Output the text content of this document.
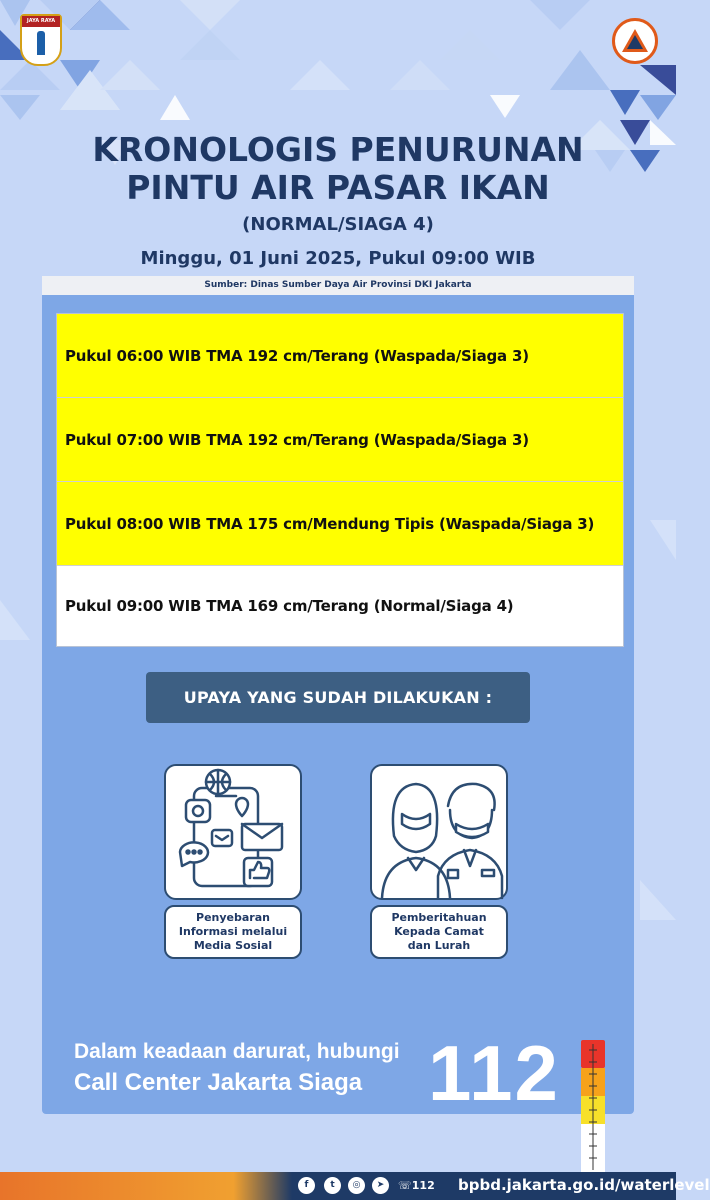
JAYA RAYA
KRONOLOGIS PENURUNAN
PINTU AIR PASAR IKAN
(NORMAL/SIAGA 4)
Minggu, 01 Juni 2025, Pukul 09:00 WIB
Sumber: Dinas Sumber Daya Air Provinsi DKI Jakarta
Pukul 06:00 WIB TMA 192 cm/Terang (Waspada/Siaga 3)
Pukul 07:00 WIB TMA 192 cm/Terang (Waspada/Siaga 3)
Pukul 08:00 WIB TMA 175 cm/Mendung Tipis (Waspada/Siaga 3)
Pukul 09:00 WIB TMA 169 cm/Terang (Normal/Siaga 4)
UPAYA YANG SUDAH DILAKUKAN :
Penyebaran
Informasi melalui
Media Sosial
Pemberitahuan
Kepada Camat
dan Lurah
Dalam keadaan darurat, hubungi
Call Center Jakarta Siaga 112
f	t	◎	➤	☏112 bpbd.jakarta.go.id/waterlevel
